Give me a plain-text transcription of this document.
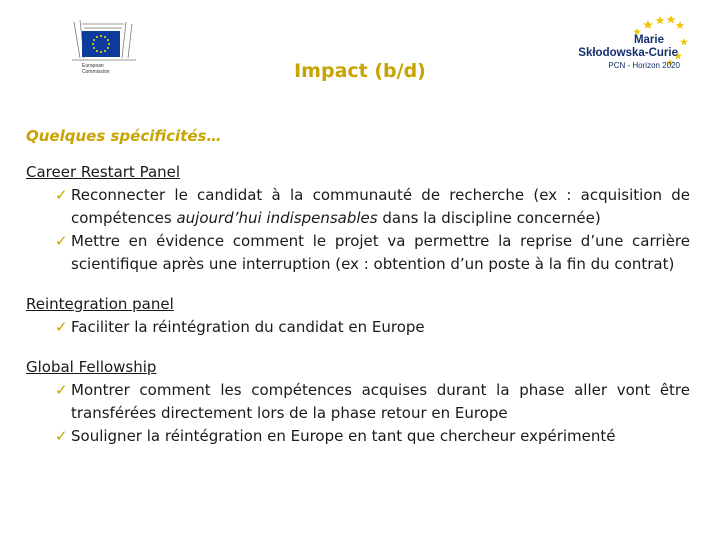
European
Commission
Marie
Skłodowska-Curie
PCN - Horizon 2020
Impact (b/d)
Quelques spécificités…
Career Restart Panel
✓ Reconnecter le candidat à la communauté de recherche (ex : acquisition de compétences aujourd’hui indispensables dans la discipline concernée)
✓ Mettre en évidence comment le projet va permettre la reprise d’une carrière scientifique après une interruption (ex : obtention d’un poste à la fin du contrat)
Reintegration panel
✓ Faciliter la réintégration du candidat en Europe
Global Fellowship
✓ Montrer comment les compétences acquises durant la phase aller vont être transférées directement lors de la phase retour en Europe
✓ Souligner la réintégration en Europe en tant que chercheur expérimenté
